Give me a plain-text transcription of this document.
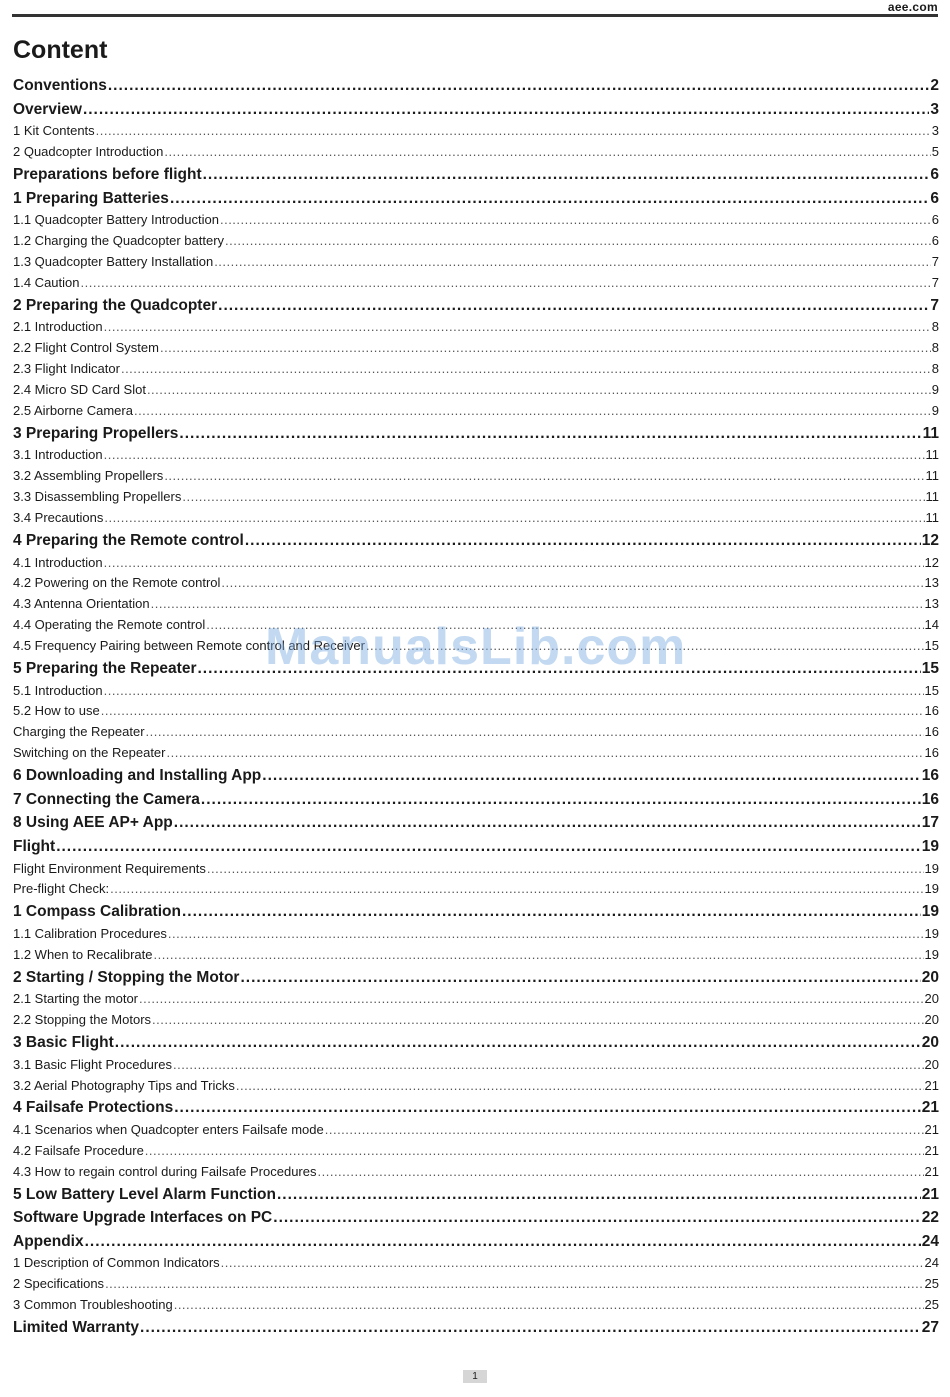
aee.com
Content
Conventions .....	2
Overview .....	3
1 Kit Contents .....	3
2 Quadcopter Introduction .....	5
Preparations before flight .....	6
1 Preparing Batteries .....	6
1.1 Quadcopter Battery Introduction .....	6
1.2 Charging the Quadcopter battery .....	6
1.3 Quadcopter Battery Installation .....	7
1.4 Caution .....	7
2 Preparing the Quadcopter .....	7
2.1 Introduction .....	8
2.2 Flight Control System .....	8
2.3 Flight Indicator .....	8
2.4 Micro SD Card Slot .....	9
2.5 Airborne Camera .....	9
3 Preparing Propellers .....	11
3.1 Introduction .....	11
3.2 Assembling Propellers .....	11
3.3 Disassembling Propellers .....	11
3.4 Precautions .....	11
4 Preparing the Remote control .....	12
4.1 Introduction .....	12
4.2 Powering on the Remote control .....	13
4.3 Antenna Orientation .....	13
4.4 Operating the Remote control .....	14
4.5 Frequency Pairing between Remote control and Receiver .....	15
5 Preparing the Repeater .....	15
5.1 Introduction .....	15
5.2 How to use .....	16
Charging the Repeater .....	16
Switching on the Repeater .....	16
6 Downloading and Installing App .....	16
7 Connecting the Camera .....	16
8 Using AEE AP+ App .....	17
Flight .....	19
Flight Environment Requirements .....	19
Pre-flight Check: .....	19
1 Compass Calibration .....	19
1.1 Calibration Procedures .....	19
1.2 When to Recalibrate .....	19
2 Starting / Stopping the Motor .....	20
2.1 Starting the motor .....	20
2.2 Stopping the Motors .....	20
3 Basic Flight .....	20
3.1 Basic Flight Procedures .....	20
3.2 Aerial Photography Tips and Tricks .....	21
4 Failsafe Protections .....	21
4.1 Scenarios when Quadcopter enters Failsafe mode .....	21
4.2 Failsafe Procedure .....	21
4.3 How to regain control during Failsafe Procedures .....	21
5 Low Battery Level Alarm Function .....	21
Software Upgrade Interfaces on PC .....	22
Appendix .....	24
1 Description of Common Indicators .....	24
2 Specifications .....	25
3 Common Troubleshooting .....	25
Limited Warranty .....	27
ManualsLib.com
1
